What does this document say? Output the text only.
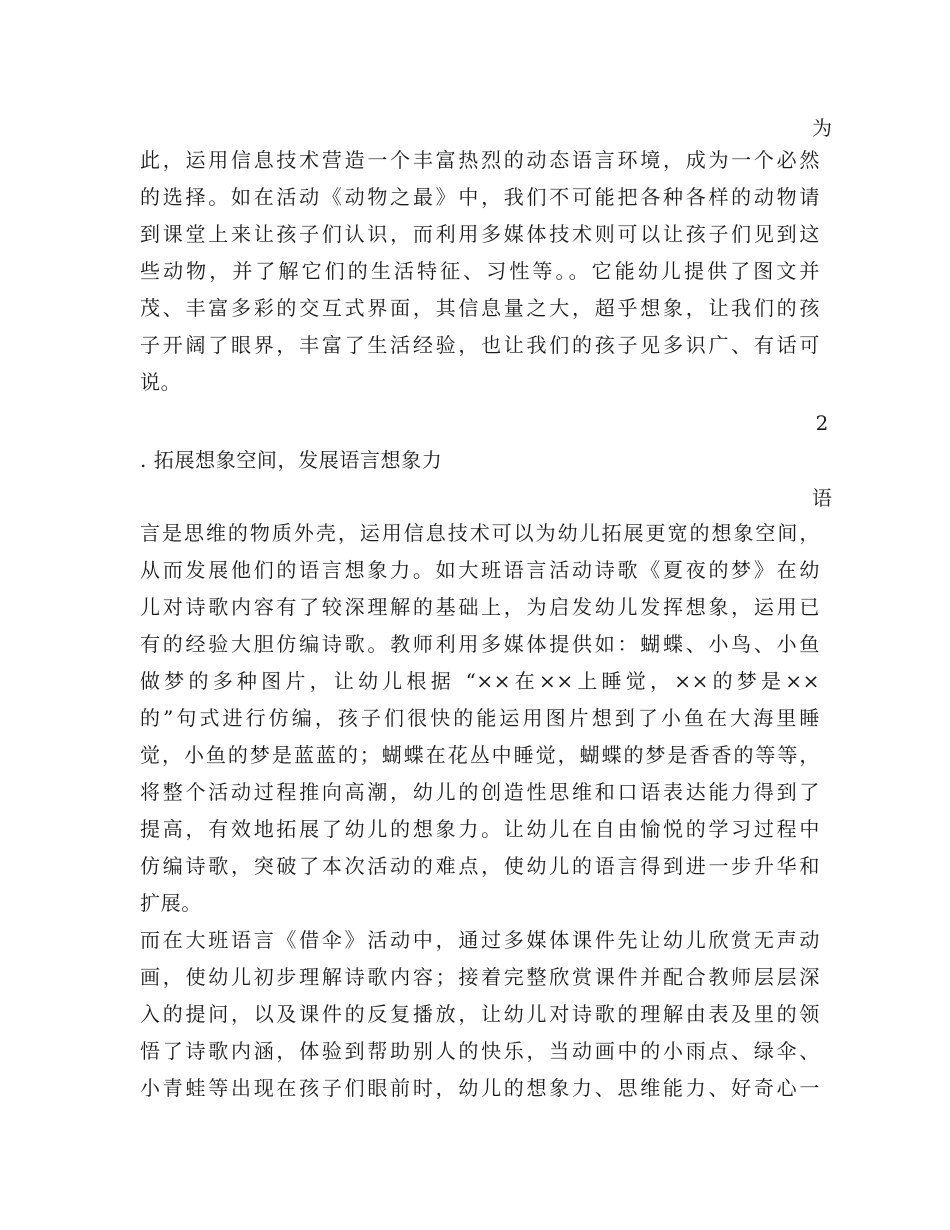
为
此，运用信息技术营造一个丰富热烈的动态语言环境，成为一个必然
的选择。如在活动《动物之最》中，我们不可能把各种各样的动物请
到课堂上来让孩子们认识，而利用多媒体技术则可以让孩子们见到这
些动物，并了解它们的生活特征、习性等。。它能幼儿提供了图文并
茂、丰富多彩的交互式界面，其信息量之大，超乎想象，让我们的孩
子开阔了眼界，丰富了生活经验，也让我们的孩子见多识广、有话可
说。
2
. 拓展想象空间，发展语言想象力
语
言是思维的物质外壳，运用信息技术可以为幼儿拓展更宽的想象空间，
从而发展他们的语言想象力。如大班语言活动诗歌《夏夜的梦》在幼
儿对诗歌内容有了较深理解的基础上，为启发幼儿发挥想象，运用已
有的经验大胆仿编诗歌。教师利用多媒体提供如：蝴蝶、小鸟、小鱼
做梦的多种图片，让幼儿根据 “××在××上睡觉，××的梦是××
的”句式进行仿编，孩子们很快的能运用图片想到了小鱼在大海里睡
觉，小鱼的梦是蓝蓝的；蝴蝶在花丛中睡觉，蝴蝶的梦是香香的等等，
将整个活动过程推向高潮，幼儿的创造性思维和口语表达能力得到了
提高，有效地拓展了幼儿的想象力。让幼儿在自由愉悦的学习过程中
仿编诗歌，突破了本次活动的难点，使幼儿的语言得到进一步升华和
扩展。
而在大班语言《借伞》活动中，通过多媒体课件先让幼儿欣赏无声动
画，使幼儿初步理解诗歌内容；接着完整欣赏课件并配合教师层层深
入的提问，以及课件的反复播放，让幼儿对诗歌的理解由表及里的领
悟了诗歌内涵，体验到帮助别人的快乐，当动画中的小雨点、绿伞、
小青蛙等出现在孩子们眼前时，幼儿的想象力、思维能力、好奇心一
